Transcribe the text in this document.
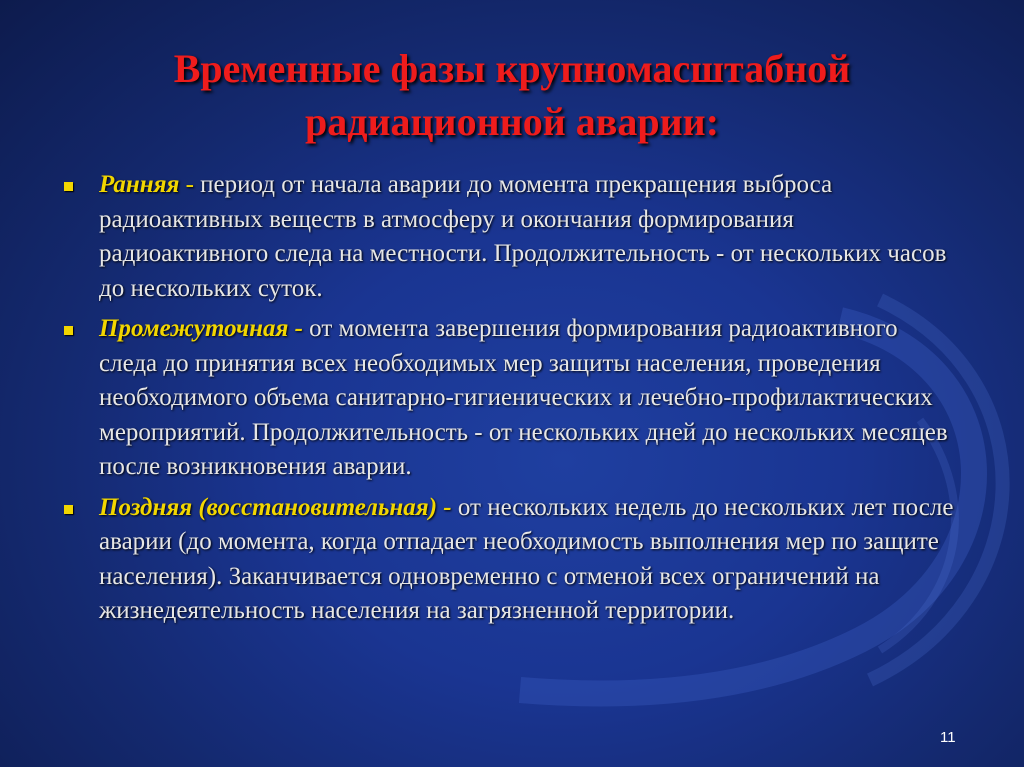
Временные фазы крупномасштабной
радиационной аварии:
Ранняя - период от начала аварии до момента прекращения выброса радиоактивных веществ в атмосферу и окончания формирования радиоактивного следа на местности. Продолжительность - от нескольких часов до нескольких суток.
Промежуточная - от момента завершения формирования радиоактивного следа до принятия всех необходимых мер защиты населения, проведения необходимого объема санитарно-гигиенических и лечебно-профилактических мероприятий. Продолжительность - от нескольких дней до нескольких месяцев после возникновения аварии.
Поздняя (восстановительная) - от нескольких недель до нескольких лет после аварии (до момента, когда отпадает необходимость выполнения мер по защите населения). Заканчивается одновременно с отменой всех ограничений на жизнедеятельность населения на загрязненной территории.
11
